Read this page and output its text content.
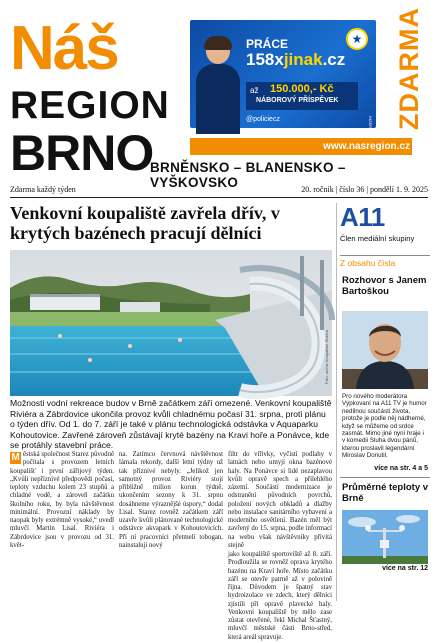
Náš
REGION
BRNO
★
PRÁCE
158xjinak.cz
až 150.000,- Kč
NÁBOROVÝ PŘÍSPĚVEK
@policiecz	INZERCE ZDARMA
www.nasregion.cz
BRNĚNSKO – BLANENSKO – VYŠKOVSKO
Zdarma každý týden	20. ročník | číslo 36 | pondělí 1. 9. 2025
Venkovní koupaliště zavřela dřív, v krytých bazénech pracují dělníci
Foto: archiv Koupaliště Riviéra
Možnosti vodní rekreace budov v Brně začátkem září omezené. Venkovní koupaliště Riviéra a Zábrdovice ukončila provoz kvůli chladnému počasí 31. srpna, proti plánu o týden dřív. Od 1. do 7. září je také v plánu technologická odstávka v Aquaparku Kohoutovice. Zavřené zároveň zůstávají kryté bazény na Kravi hoře a Ponávce, kde se protáhly stavební práce.
M ěstská společnost Starez původně počítala s provozem letních koupališť i první zářijový týden. „Kvůli nepříznivé předpovědi počasí, teploty vzduchu kolem 23 stupňů a chladné vodě, a zároveň začátku školního roku, by byla návštěvnost minimální. Provozní náklady by naopak byly extrémně vysoké,“ uvedl mluvčí Martin Lisal. Riviéra i Zábrdovice jsou v provozu od 31. květ-
na. Zatímco červnová návštěvnost lámala rekordy, další letní týdny už tak příznivé nebyly. „Jelikož jen samotný provoz Riviéry stojí přibližně milion korun týdně, ukončením sezony k 31. srpnu dosáhneme výraznějšé úspory,“ dodal Lisal. Starez rovněž začátkem září uzavře kvůli plánované technologické odstávce akvapark v Kohoutovicích. Při ní pracovníci přetmelí tobogan, nainstalují nový

filtr do vířivky, vyčistí podlahy v latnách nebo umyjí okna bazénové haly. Na Ponávce si lidé nezaplavou kvůli opravě spech a přilehlého zázemí. Součástí modernizace je odstranění původních povrchů, položení nových obkladů a dlažby nebo instalace sanitárního vybavení a moderního osvětlení. Bazén měl být zavřený do 15. srpna, podle informací na webu však návštěvníky přivítá stejně

jako koupaliště sportoviště až 8. září. Prodloužila se rovněž oprava krytého bazénu na Kraví hoře. Místo začátku září se otevře patrně až v polovině října. Důvodem je špatný stav hydroizolace ve zdech, který dělníci zjistili při opravě plavecké haly. Venkovní koupaliště by mělo zase zůstat otevřené, řekl Michal Šťastný, mluvčí městské části Brno-střed, která areál spravuje.

A11
Člen mediální skupiny
Z obsahu čísla
Rozhovor s Janem Bartoškou
Pro nového moderátora Výpkovaní na A11 TV je humor nedílnou součástí života, protože je podle něj nádherné, když se můžeme od srdce zasmát. Mimo jiné nyní hraje i v komedii Sluha dvou pánů, kterou proslavil legendární Miroslav Donutil.
více na str. 4 a 5
Průměrné teploty v Brně
více na str. 12
